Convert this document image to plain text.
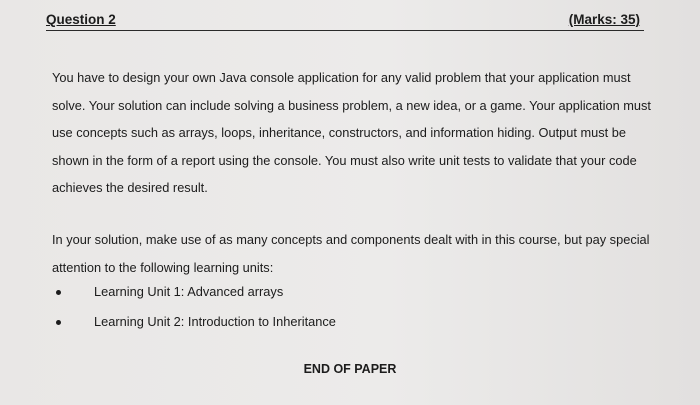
Question 2	(Marks: 35)
You have to design your own Java console application for any valid problem that your application must solve. Your solution can include solving a business problem, a new idea, or a game. Your application must use concepts such as arrays, loops, inheritance, constructors, and information hiding. Output must be shown in the form of a report using the console. You must also write unit tests to validate that your code achieves the desired result.
In your solution, make use of as many concepts and components dealt with in this course, but pay special attention to the following learning units:
Learning Unit 1: Advanced arrays
Learning Unit 2: Introduction to Inheritance
END OF PAPER
